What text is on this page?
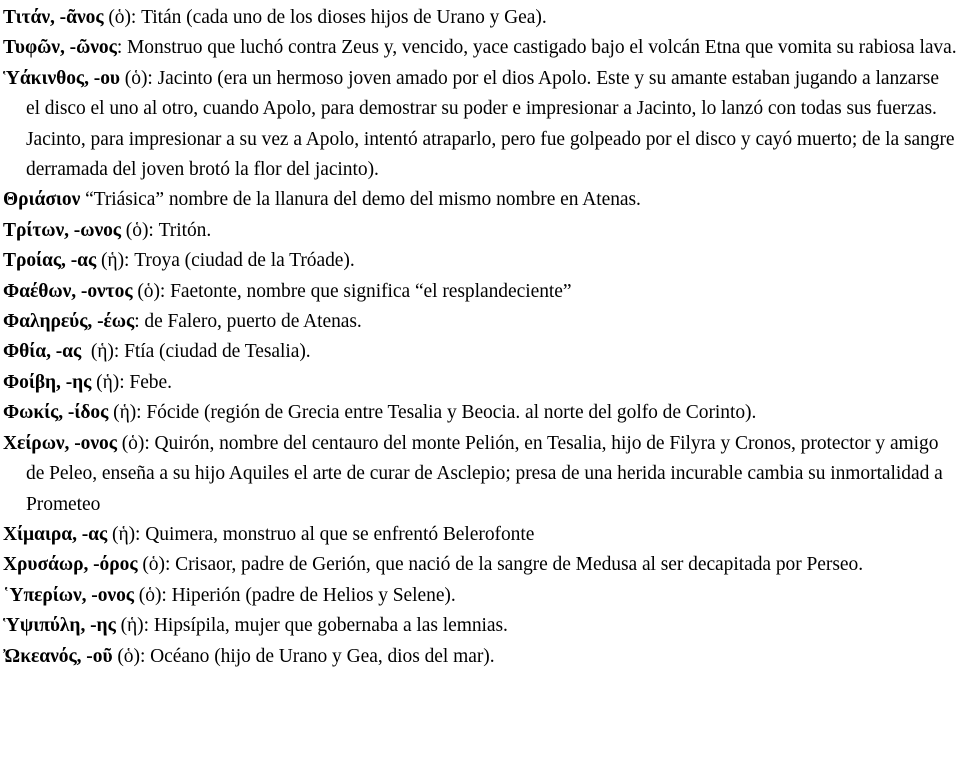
Τιτάν, -ᾶνος (ὁ): Titán (cada uno de los dioses hijos de Urano y Gea).

Τυφῶν, -ῶνος: Monstruo que luchó contra Zeus y, vencido, yace castigado bajo el volcán Etna que vomita su rabiosa lava.

Ὑάκινθος, -ου (ὁ): Jacinto (era un hermoso joven amado por el dios Apolo. Este y su amante estaban jugando a lanzarse el disco el uno al otro, cuando Apolo, para demostrar su poder e impresionar a Jacinto, lo lanzó con todas sus fuerzas. Jacinto, para impresionar a su vez a Apolo, intentó atraparlo, pero fue golpeado por el disco y cayó muerto; de la sangre derramada del joven brotó la flor del jacinto).

Θριάσιον “Triásica” nombre de la llanura del demo del mismo nombre en Atenas.

Τρίτων, -ωνος (ὁ): Tritón.

Τροίας, -ας (ἡ): Troya (ciudad de la Tróade).

Φαέθων, -οντος (ὁ): Faetonte, nombre que significa “el resplandeciente”

Φαληρεύς, -έως: de Falero, puerto de Atenas.

Φθία, -ας  (ἡ): Ftía (ciudad de Tesalia).

Φοίβη, -ης (ἡ): Febe.

Φωκίς, -ίδος (ἡ): Fócide (región de Grecia entre Tesalia y Beocia. al norte del golfo de Corinto).

Χείρων, -ονος (ὁ): Quirón, nombre del centauro del monte Pelión, en Tesalia, hijo de Filyra y Cronos, protector y amigo de Peleo, enseña a su hijo Aquiles el arte de curar de Asclepio; presa de una herida incurable cambia su inmortalidad a Prometeo

Χίμαιρα, -ας (ἡ): Quimera, monstruo al que se enfrentó Belerofonte

Χρυσάωρ, -όρος (ὁ): Crisaor, padre de Gerión, que nació de la sangre de Medusa al ser decapitada por Perseo.

῾Υπερίων, -ονος (ὁ): Hiperión (padre de Helios y Selene).

Ὑψιπύλη, -ης (ἡ): Hipsípila, mujer que gobernaba a las lemnias.

Ὠκεανός, -οῦ (ὁ): Océano (hijo de Urano y Gea, dios del mar).
